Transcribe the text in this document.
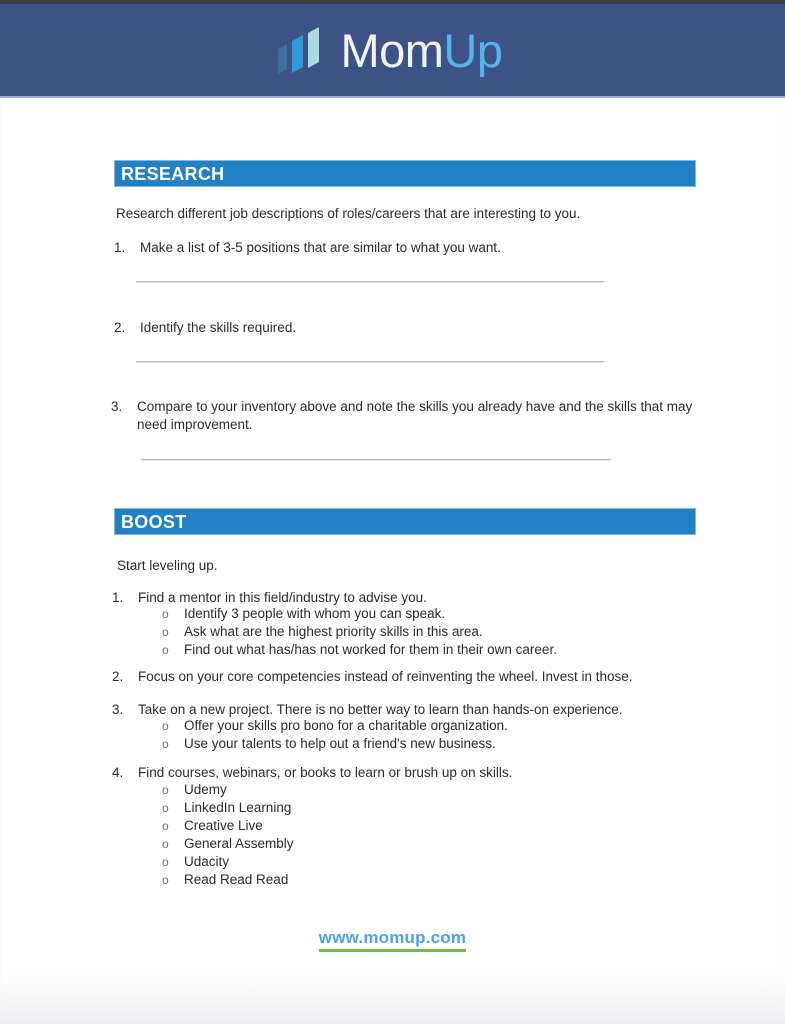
MomUp
RESEARCH
Research different job descriptions of roles/careers that are interesting to you.
1.	Make a list of 3-5 positions that are similar to what you want.
2.	Identify the skills required.
3.	Compare to your inventory above and note the skills you already have and the skills that may need improvement.
BOOST
Start leveling up.
1.	Find a mentor in this field/industry to advise you.
o	Identify 3 people with whom you can speak.
o	Ask what are the highest priority skills in this area.
o	Find out what has/has not worked for them in their own career.
2.	Focus on your core competencies instead of reinventing the wheel. Invest in those.
3.	Take on a new project. There is no better way to learn than hands-on experience.
o	Offer your skills pro bono for a charitable organization.
o	Use your talents to help out a friend's new business.
4.	Find courses, webinars, or books to learn or brush up on skills.
o	Udemy
o	LinkedIn Learning
o	Creative Live
o	General Assembly
o	Udacity
o	Read Read Read
www.momup.com
